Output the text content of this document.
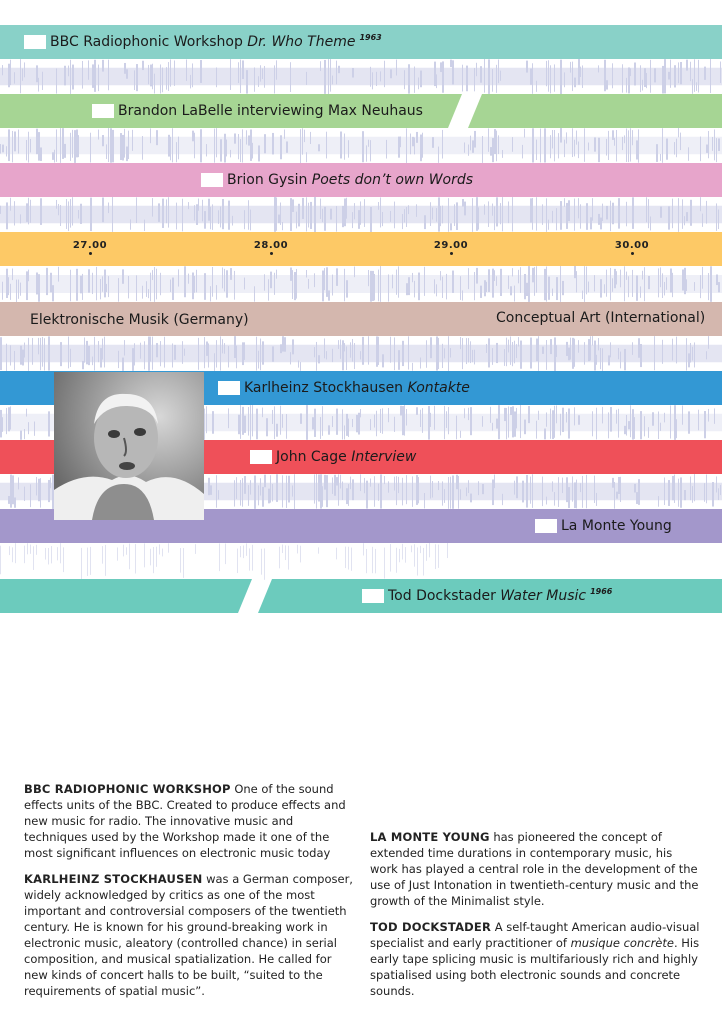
BBC Radiophonic Workshop
Dr. Who Theme $^{1963}$
Brandon LaBelle interviewing Max Neuhaus
Brion Gysin
Poets don’t own Words
27.00	28.00	29.00	30.00
Elektronische Musik (Germany)	Conceptual Art (International)
Karlheinz Stockhausen
Kontakte
John Cage
Interview
La Monte Young
Tod Dockstader
Water Music $^{1966}$

BBC RADIOPHONIC WORKSHOP One of the sound effects units of the BBC. Created to produce effects and new music for radio. The innovative music and techniques used by the Workshop made it one of the most significant influences on electronic music today

KARLHEINZ STOCKHAUSEN was a German composer, widely acknowledged by critics as one of the most important and controversial composers of the twentieth century. He is known for his ground-breaking work in electronic music, aleatory (controlled chance) in serial composition, and musical spatialization. He called for new kinds of concert halls to be built, “suited to the requirements of spatial music”.

LA MONTE YOUNG has pioneered the concept of extended time durations in contemporary music, his work has played a central role in the development of the use of Just Intonation in twentieth-century music and the growth of the Minimalist style.

TOD DOCKSTADER A self-taught American audio-visual specialist and early practitioner of musique concrète. His early tape splicing music is multifariously rich and highly spatialised using both electronic sounds and concrete sounds.
